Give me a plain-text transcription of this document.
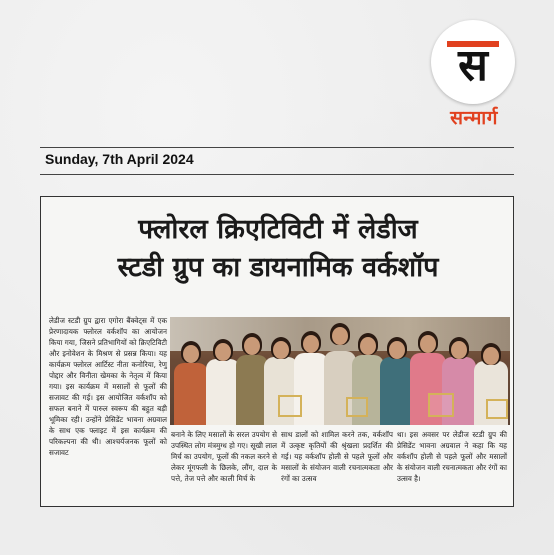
स
सन्मार्ग
Sunday, 7th April 2024
फ्लोरल क्रिएटिविटी में लेडीज
स्टडी ग्रुप का डायनामिक वर्कशॉप
लेडीज स्टडी ग्रुप द्वारा एगोरा बैंक्वेट्स में एक प्रेरणादायक फ्लोरल वर्कशॉप का आयोजन किया गया, जिसने प्रतिभागियों को क्रिएटिविटी और इनोवेशन के मिश्रण से प्रसन्न किया। यह कार्यक्रम फ्लोरल आर्टिस्ट नीता कनोरिया, रेणु पोद्दार और विनीता खेमका के नेतृत्व में किया गया। इस कार्यक्रम में मसालों से फूलों की सजावट की गई। इस आयोजित वर्कशॉप को सफल बनाने में पारुल स्वरूप की बहुत बड़ी भूमिका रही। उन्होंने प्रेसिडेंट भावना अग्रवाल के साथ एक फ्लाइट में इस कार्यक्रम की परिकल्पना की थी। आश्चर्यजनक फूलों को सजावट
बनाने के लिए मसालों के सरल उपयोग से उपस्थित लोग मंत्रमुग्ध हो गए। सूखी लाल मिर्च का उपयोग, फूलों की नकल करने से लेकर मूंगफली के छिलके, लौंग, दाल के पत्ते, तेज पत्ते और काली मिर्च के
साथ डालों को शामिल करने तक, वर्कशॉप में उत्कृष्ट कृतियों की श्रृंखला प्रदर्शित की गई। यह वर्कशॉप होली से पहले फूलों और मसालों के संयोजन वाली रचनात्मकता और रंगों का उत्सव
था। इस अवसर पर लेडीज स्टडी ग्रुप की प्रेसिडेंट भावना अग्रवाल ने कहा कि यह वर्कशॉप होली से पहले फूलों और मसालों के संयोजन वाली रचनात्मकता और रंगों का उत्सव है।
